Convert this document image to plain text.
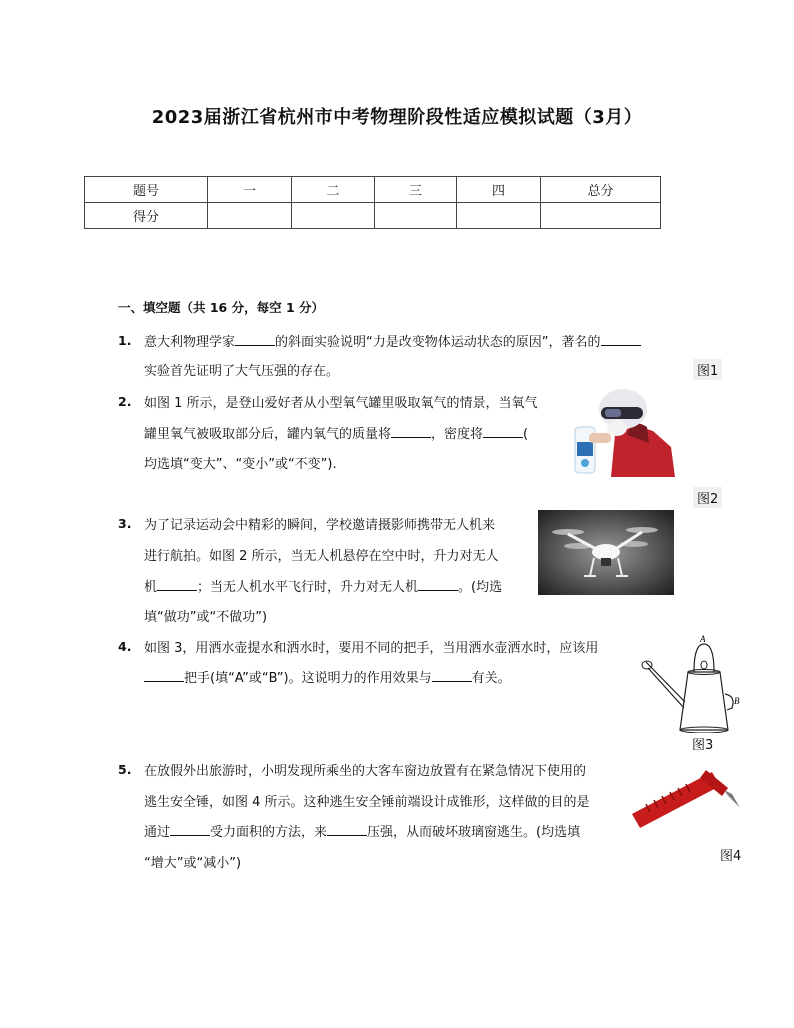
2023届浙江省杭州市中考物理阶段性适应模拟试题（3月）
题号	一	二	三	四	总分
得分					
一、填空题（共 16 分，每空 1 分）
1. 意大利物理学家	的斜面实验说明“力是改变物体运动状态的原因”，著名的
实验首先证明了大气压强的存在。	图1
2. 如图 1 所示，是登山爱好者从小型氧气罐里吸取氧气的情景，当氧气
罐里氧气被吸取部分后，罐内氧气的质量将	，密度将	(
均选填“变大”、“变小”或“不变”).
图2
3. 为了记录运动会中精彩的瞬间，学校邀请摄影师携带无人机来
进行航拍。如图 2 所示，当无人机悬停在空中时，升力对无人
机	；当无人机水平飞行时，升力对无人机	。(均选
填“做功”或“不做功”)
4. 如图 3，用洒水壶提水和洒水时，要用不同的把手，当用洒水壶洒水时，应该用
把手(填“A”或“B”)。这说明力的作用效果与	有关。
A
B
图3
5. 在放假外出旅游时，小明发现所乘坐的大客车窗边放置有在紧急情况下使用的
逃生安全锤，如图 4 所示。这种逃生安全锤前端设计成锥形，这样做的目的是
通过	受力面积的方法，来	压强，从而破坏玻璃窗逃生。(均选填
“增大”或“减小”)	图4
